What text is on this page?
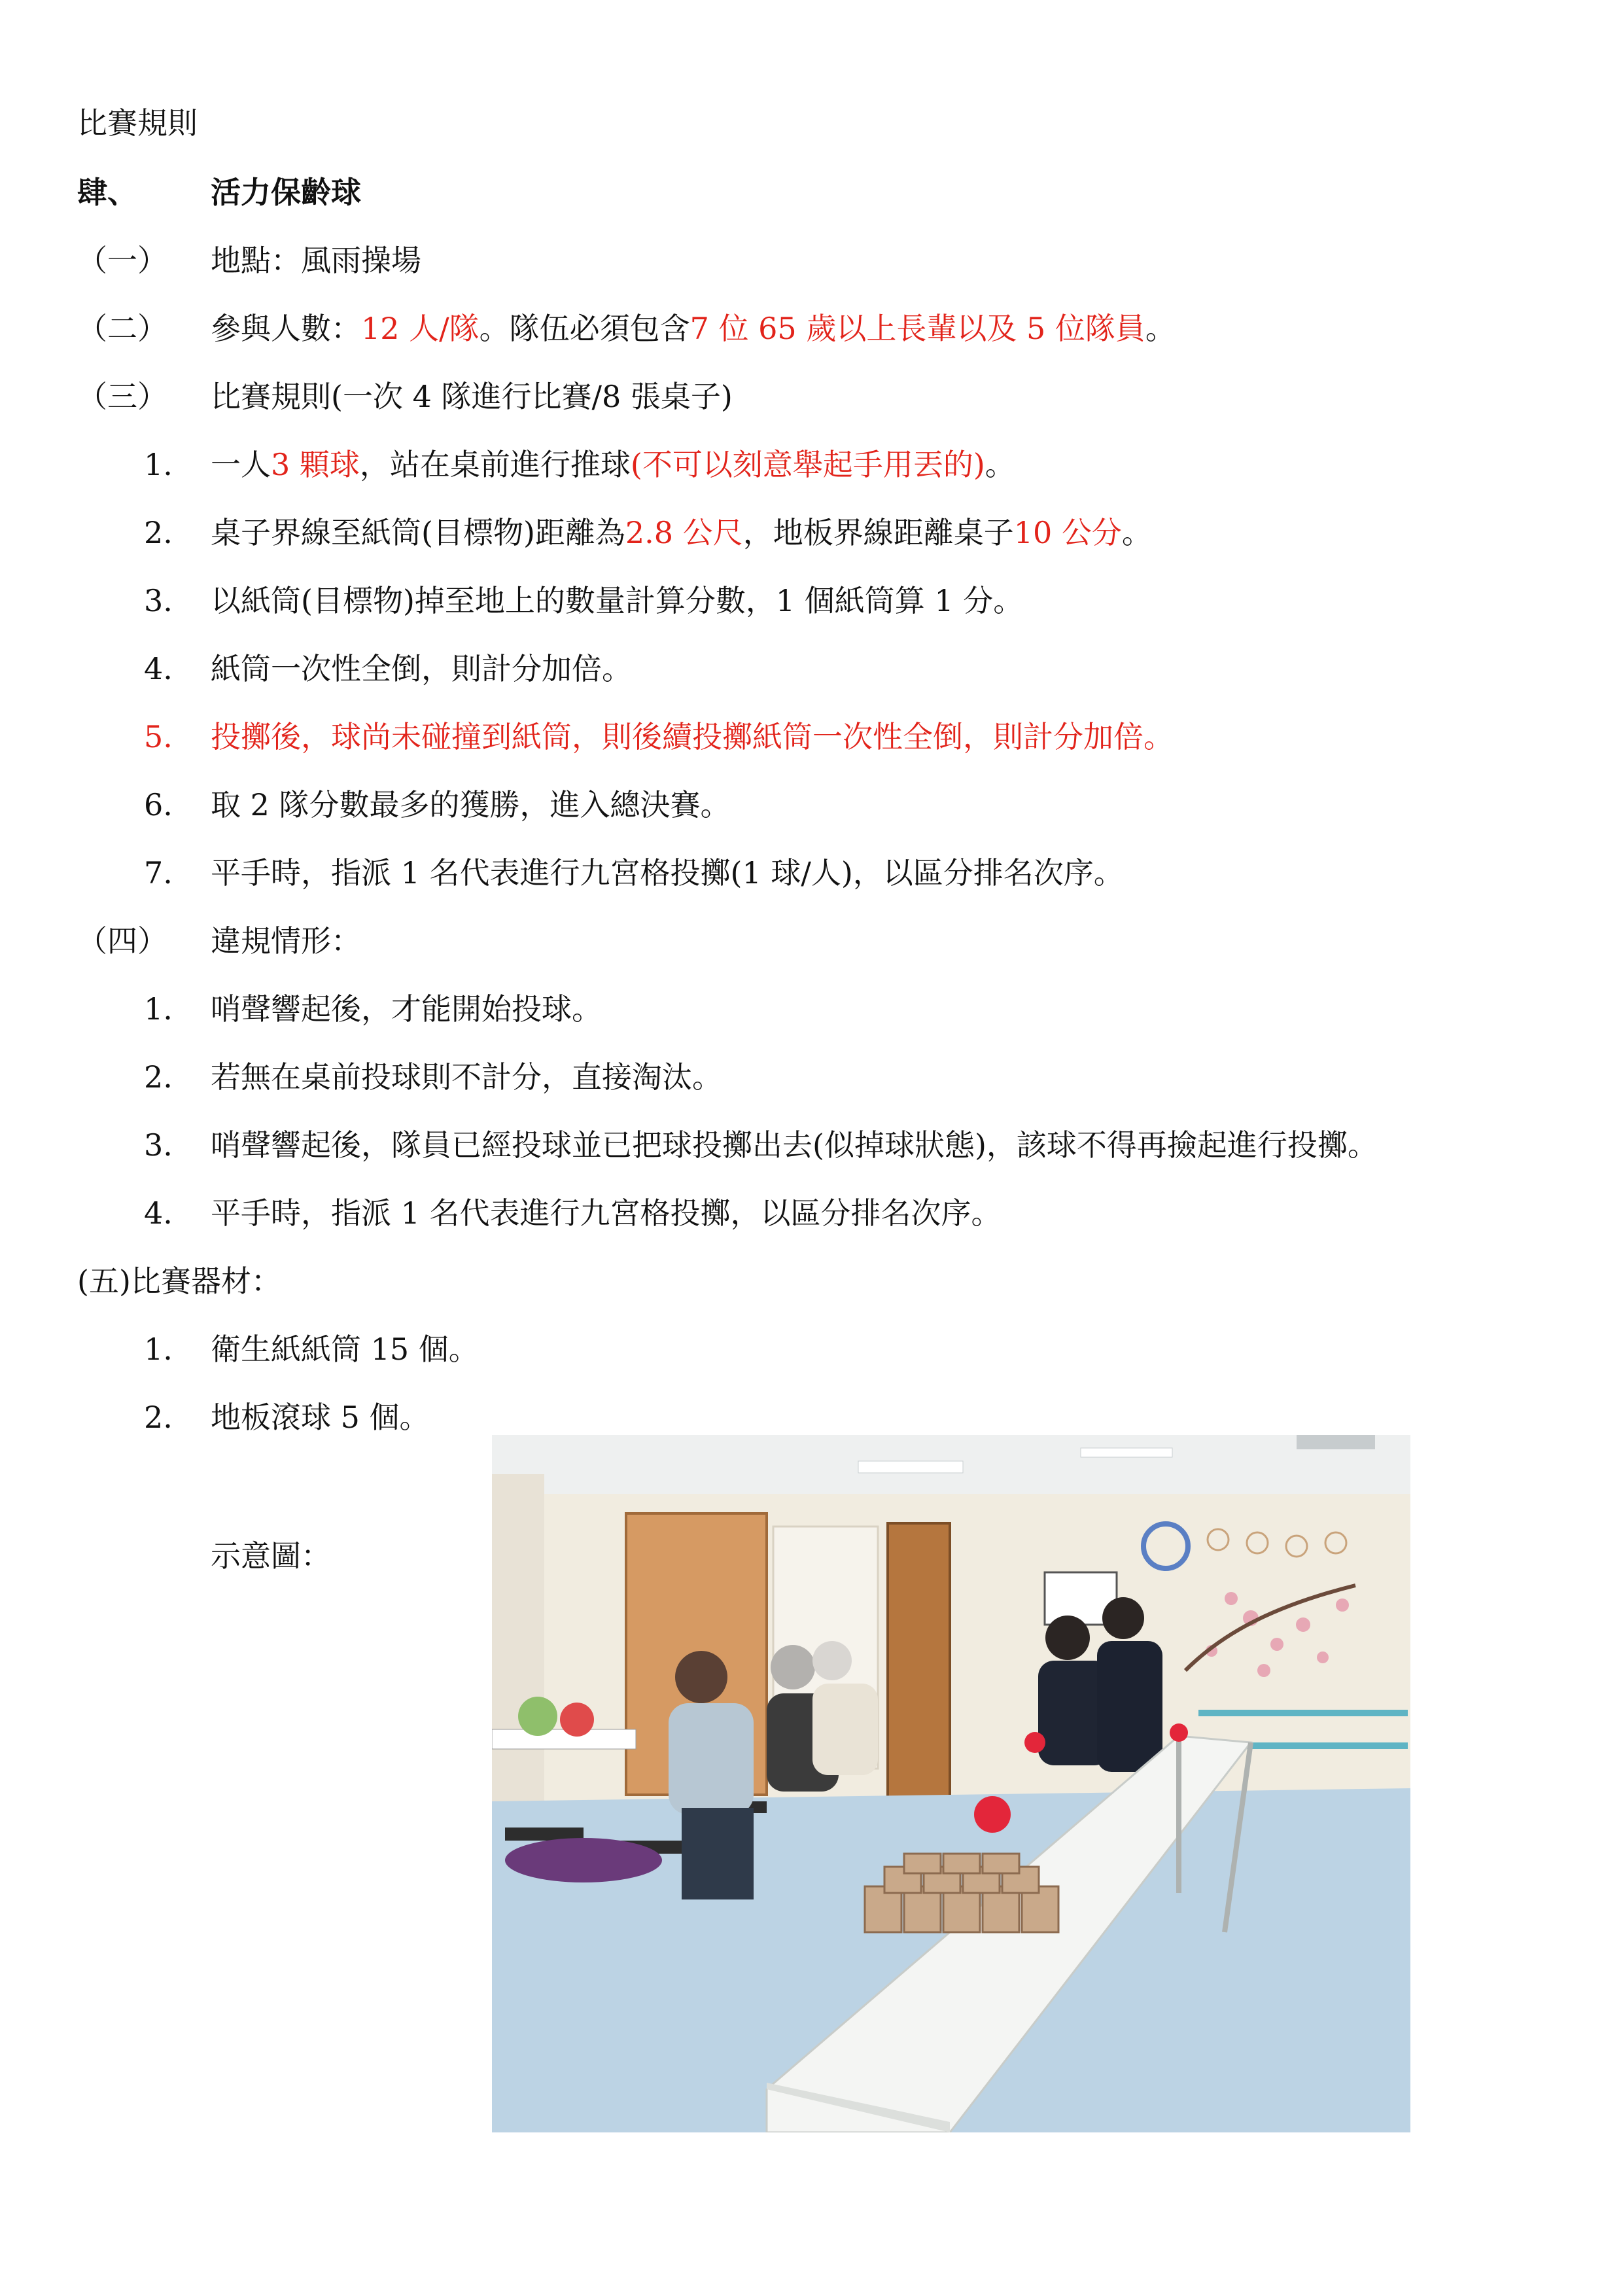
比賽規則
肆、 活力保齡球
（一） 地點：風雨操場
（二） 參與人數：12 人/隊。隊伍必須包含7 位 65 歲以上長輩以及 5 位隊員。
（三） 比賽規則(一次 4 隊進行比賽/8 張桌子)
1. 一人3 顆球，站在桌前進行推球(不可以刻意舉起手用丟的)。
2. 桌子界線至紙筒(目標物)距離為2.8 公尺，地板界線距離桌子10 公分。
3. 以紙筒(目標物)掉至地上的數量計算分數，1 個紙筒算 1 分。
4. 紙筒一次性全倒，則計分加倍。
5. 投擲後，球尚未碰撞到紙筒，則後續投擲紙筒一次性全倒，則計分加倍。
6. 取 2 隊分數最多的獲勝，進入總決賽。
7. 平手時，指派 1 名代表進行九宮格投擲(1 球/人)，以區分排名次序。
（四） 違規情形：
1. 哨聲響起後，才能開始投球。
2. 若無在桌前投球則不計分，直接淘汰。
3. 哨聲響起後，隊員已經投球並已把球投擲出去(似掉球狀態)，該球不得再撿起進行投擲。
4. 平手時，指派 1 名代表進行九宮格投擲，以區分排名次序。
(五)比賽器材：
1. 衛生紙紙筒 15 個。
2. 地板滾球 5 個。
示意圖：
